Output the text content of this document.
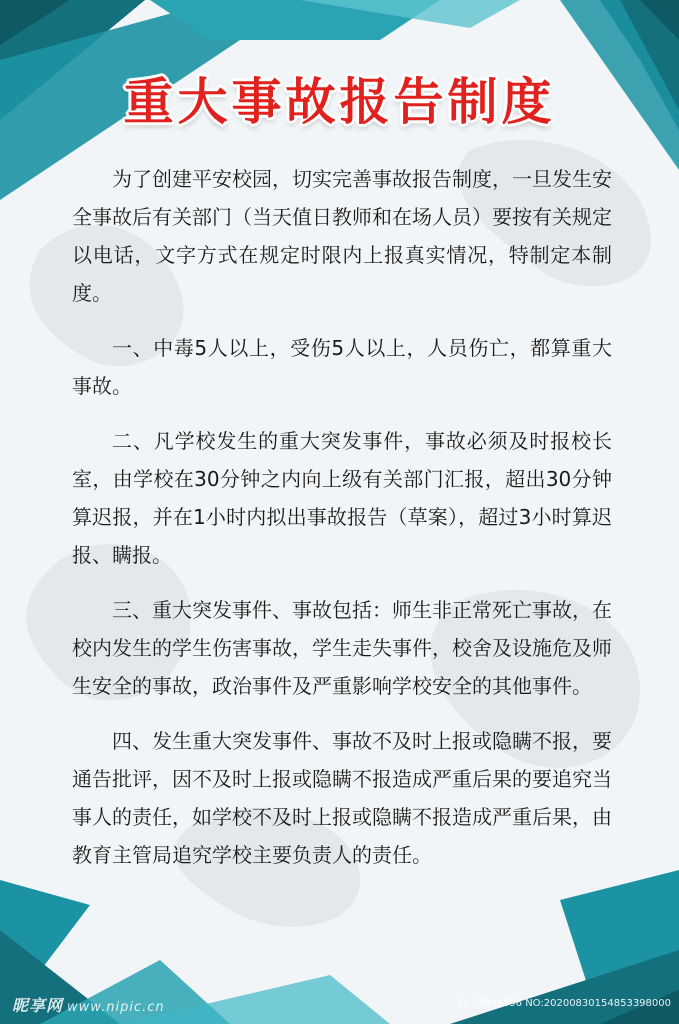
重大事故报告制度

为了创建平安校园，切实完善事故报告制度，一旦发生安全事故后有关部门（当天值日教师和在场人员）要按有关规定以电话，文字方式在规定时限内上报真实情况，特制定本制度。

一、中毒5人以上，受伤5人以上，人员伤亡，都算重大事故。

二、凡学校发生的重大突发事件，事故必须及时报校长室，由学校在30分钟之内向上级有关部门汇报，超出30分钟算迟报，并在1小时内拟出事故报告（草案），超过3小时算迟报、瞒报。

三、重大突发事件、事故包括：师生非正常死亡事故，在校内发生的学生伤害事故，学生走失事件，校舍及设施危及师生安全的事故，政治事件及严重影响学校安全的其他事件。

四、发生重大突发事件、事故不及时上报或隐瞒不报，要通告批评，因不及时上报或隐瞒不报造成严重后果的要追究当事人的责任，如学校不及时上报或隐瞒不报造成严重后果，由教育主管局追究学校主要负责人的责任。

昵享网 www.nipic.cn	ID:28894596 NO:20200830154853398000
